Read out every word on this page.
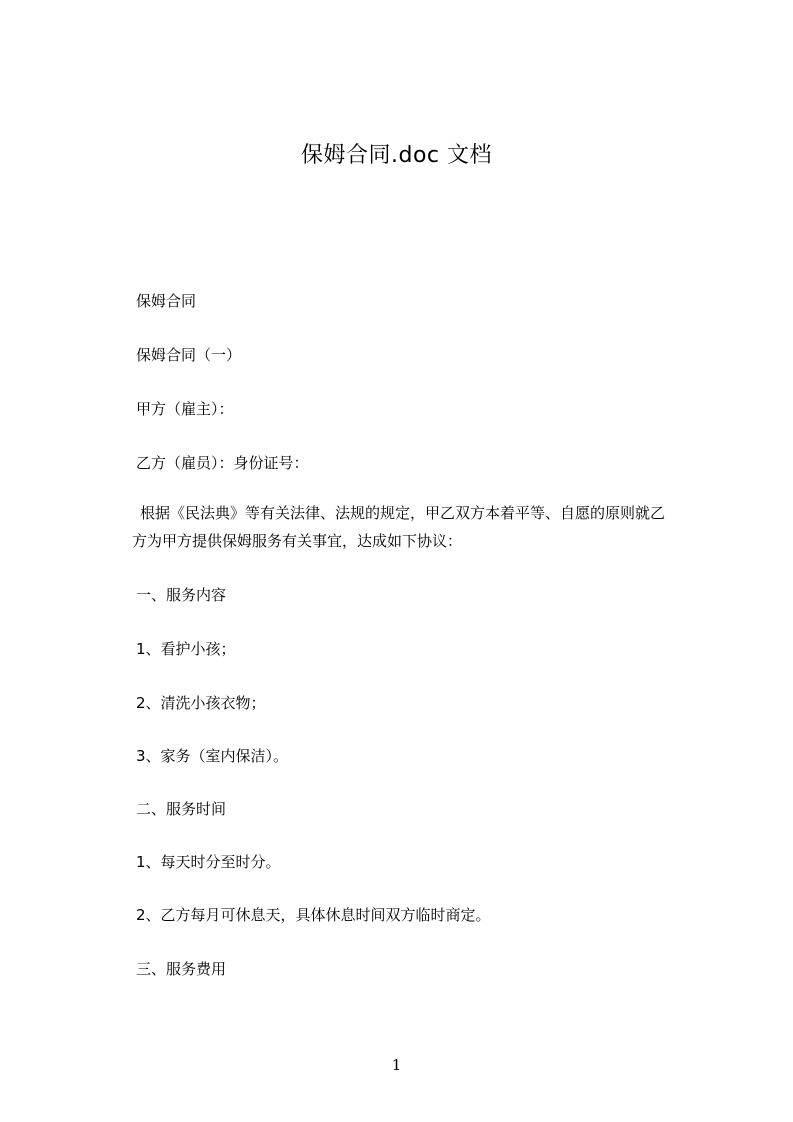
保姆合同.doc 文档
保姆合同
保姆合同（一）
甲方（雇主）：
乙方（雇员）：身份证号：
根据《民法典》等有关法律、法规的规定，甲乙双方本着平等、自愿的原则就乙
方为甲方提供保姆服务有关事宜，达成如下协议：
一、服务内容
1、看护小孩；
2、清洗小孩衣物；
3、家务（室内保洁）。
二、服务时间
1、每天时分至时分。
2、乙方每月可休息天，具体休息时间双方临时商定。
三、服务费用
1
